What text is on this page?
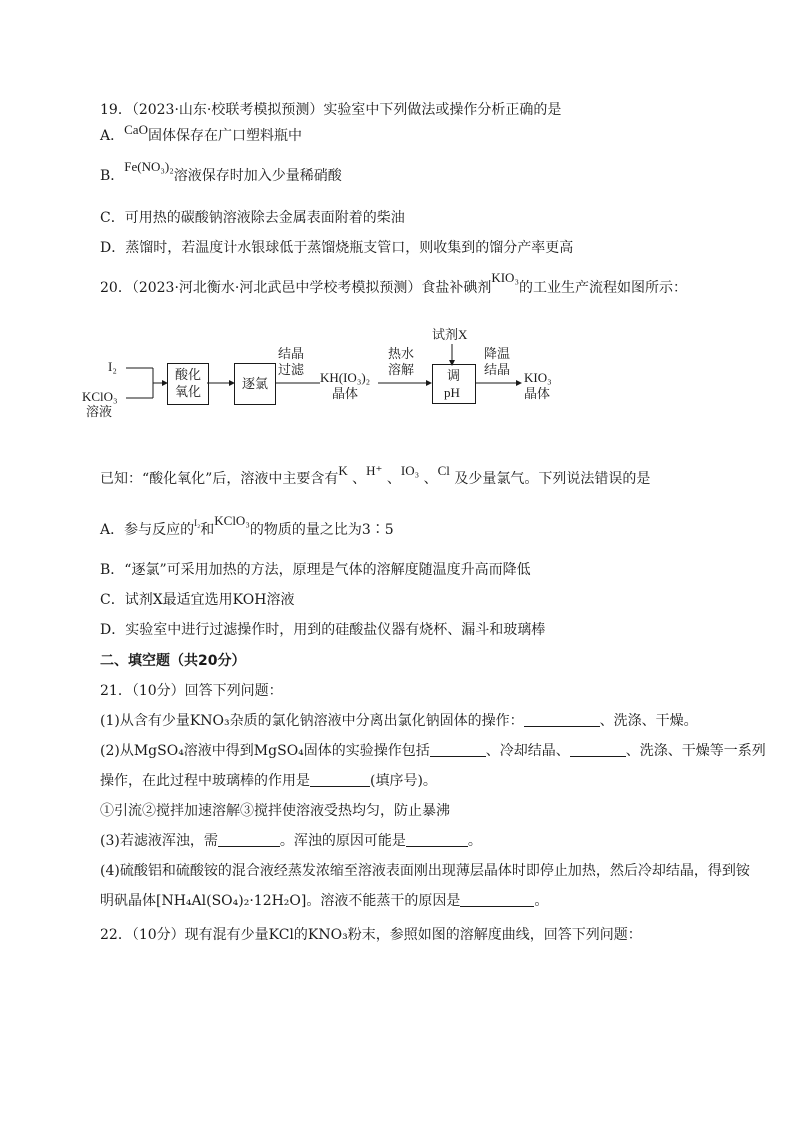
19．（2023·山东·校联考模拟预测）实验室中下列做法或操作分析正确的是
A．CaO固体保存在广口塑料瓶中
B．Fe(NO₃)₂溶液保存时加入少量稀硝酸
C．可用热的碳酸钠溶液除去金属表面附着的柴油
D．蒸馏时，若温度计水银球低于蒸馏烧瓶支管口，则收集到的馏分产率更高
20．（2023·河北衡水·河北武邑中学校考模拟预测）食盐补碘剂KIO₃的工业生产流程如图所示：
I₂
KClO₃
溶液
酸化
氧化
逐氯
结晶
过滤
KH(IO₃)₂
晶体
热水
溶解
试剂X
调
pH
降温
结晶
KIO₃
晶体
已知：“酸化氧化”后，溶液中主要含有K 、H⁺ 、IO₃ 、Cl 及少量氯气。下列说法错误的是
A．参与反应的$^{I_2}$和KClO₃的物质的量之比为3∶5
B．“逐氯”可采用加热的方法，原理是气体的溶解度随温度升高而降低
C．试剂X最适宜选用KOH溶液
D．实验室中进行过滤操作时，用到的硅酸盐仪器有烧杯、漏斗和玻璃棒
二、填空题（共20分）
21．（10分）回答下列问题：
(1)从含有少量KNO₃杂质的氯化钠溶液中分离出氯化钠固体的操作：	、洗涤、干燥。
(2)从MgSO₄溶液中得到MgSO₄固体的实验操作包括	、冷却结晶、	、洗涤、干燥等一系列
操作，在此过程中玻璃棒的作用是	(填序号)。
①引流②搅拌加速溶解③搅拌使溶液受热均匀，防止暴沸
(3)若滤液浑浊，需	。浑浊的原因可能是	。
(4)硫酸铝和硫酸铵的混合液经蒸发浓缩至溶液表面刚出现薄层晶体时即停止加热，然后冷却结晶，得到铵
明矾晶体[NH₄Al(SO₄)₂·12H₂O]。溶液不能蒸干的原因是	。
22．（10分）现有混有少量KCl的KNO₃粉末，参照如图的溶解度曲线，回答下列问题：
